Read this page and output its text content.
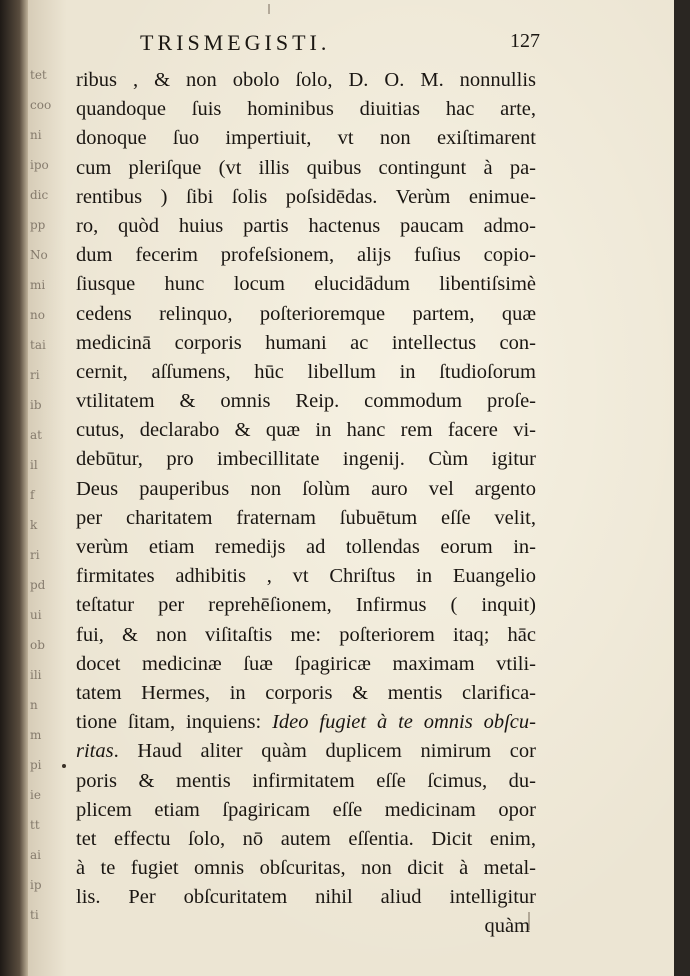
tet
coo
ni
ipo
dic
pp
No
mi
no
tai
ri
ib
at
il
f
k
ri
pd
ui
ob
ili
n
m
pi
ie
tt
ai
ip
ti
TRISMEGISTI.	127
ribus , & non obolo ſolo, D. O. M. nonnullis
quandoque ſuis hominibus diuitias hac arte,
donoque ſuo impertiuit, vt non exiſtimarent
cum pleriſque (vt illis quibus contingunt à pa-
rentibus ) ſibi ſolis poſsidēdas. Verùm enimue-
ro, quòd huius partis hactenus paucam admo-
dum fecerim profeſsionem, alijs fuſius copio-
ſiusque hunc locum elucidādum libentiſsimè
cedens relinquo, poſterioremque partem, quæ
medicinā corporis humani ac intellectus con-
cernit, aſſumens, hūc libellum in ſtudioſorum
vtilitatem & omnis Reip. commodum proſe-
cutus, declarabo & quæ in hanc rem facere vi-
debūtur, pro imbecillitate ingenij. Cùm igitur
Deus pauperibus non ſolùm auro vel argento
per charitatem fraternam ſubuētum eſſe velit,
verùm etiam remedijs ad tollendas eorum in-
firmitates adhibitis , vt Chriſtus in Euangelio
teſtatur per reprehēſionem, Infirmus ( inquit)
fui, & non viſitaſtis me: poſteriorem itaq; hāc
docet medicinæ ſuæ ſpagiricæ maximam vtili-
tatem Hermes, in corporis & mentis clarifica-
tione ſitam, inquiens: Ideo fugiet à te omnis obſcu-
ritas. Haud aliter quàm duplicem nimirum cor
poris & mentis infirmitatem eſſe ſcimus, du-
plicem etiam ſpagiricam eſſe medicinam opor
tet effectu ſolo, nō autem eſſentia. Dicit enim,
à te fugiet omnis obſcuritas, non dicit à metal-
lis. Per obſcuritatem nihil aliud intelligitur
quàm
